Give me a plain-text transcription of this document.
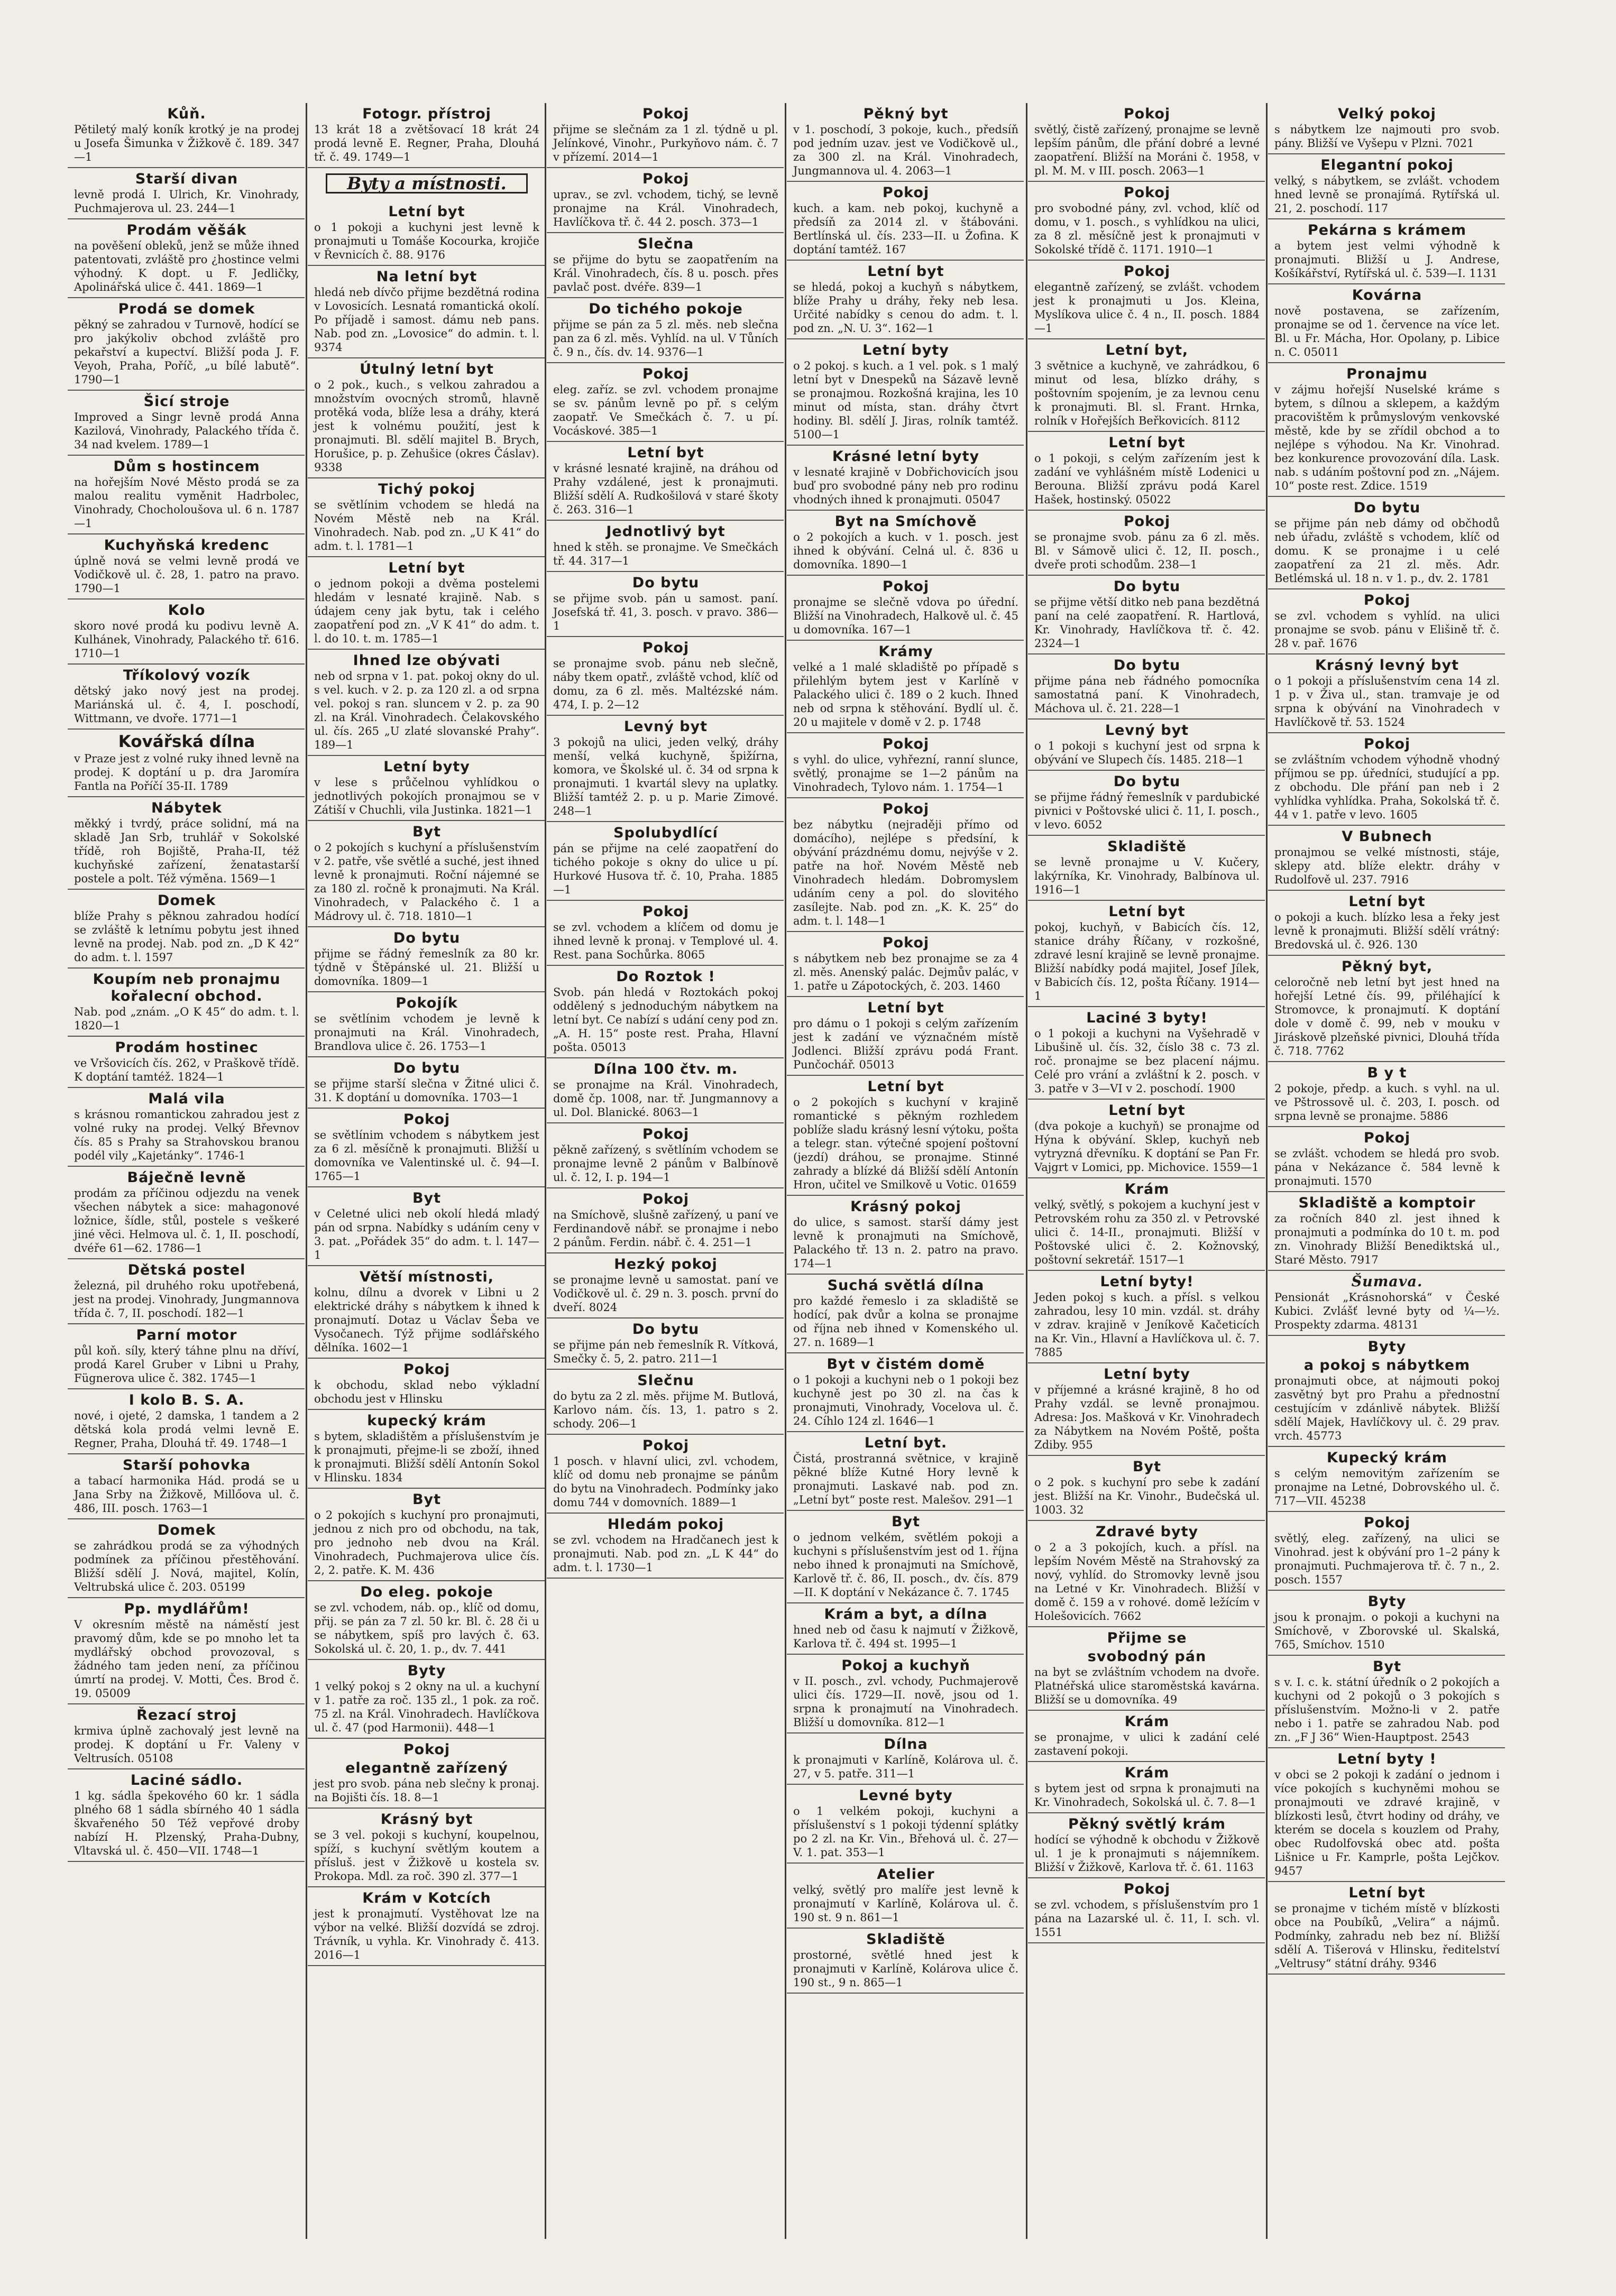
Kůň.
Pětiletý malý koník krotký je na prodej u Josefa Šimunka v Žižkově č. 189. 347—1
Starší divan
levně prodá I. Ulrich, Kr. Vinohrady, Puchmajerova ul. 23. 244—1
Prodám věšák
na pověšení obleků, jenž se může ihned patentovati, zvláště pro ¿hostince velmi výhodný. K dopt. u F. Jedličky, Apolinářská ulice č. 441. 1869—1
Prodá se domek
pěkný se zahradou v Turnově, hodící se pro jakýkoliv obchod zvláště pro pekařství a kupectví. Bližší poda J. F. Veyoh, Praha, Poříč, „u bílé labutě“. 1790—1
Šicí stroje
Improved a Singr levně prodá Anna Kazilová, Vinohrady, Palackého třída č. 34 nad kvelem. 1789—1
Dům s hostincem
na hořejším Nové Město prodá se za malou realitu vyměnit Hadrbolec, Vinohrady, Chocholoušova ul. 6 n. 1787—1
Kuchyňská kredenc
úplně nová se velmi levně prodá ve Vodičkově ul. č. 28, 1. patro na pravo. 1790—1
Kolo
skoro nové prodá ku podivu levně A. Kulhánek, Vinohrady, Palackého tř. 616. 1710—1
Tříkolový vozík
dětský jako nový jest na prodej. Mariánská ul. č. 4, I. poschodí, Wittmann, ve dvoře. 1771—1
Kovářská dílna
v Praze jest z volné ruky ihned levně na prodej. K doptání u p. dra Jaromíra Fantla na Poříčí 35-II. 1789
Nábytek
měkký i tvrdý, práce solidní, má na skladě Jan Srb, truhlář v Sokolské třídě, roh Bojiště, Praha-II, též kuchyňské zařízení, ženatastarší postele a polt. Též výměna. 1569—1
Domek
blíže Prahy s pěknou zahradou hodící se zvláště k letnímu pobytu jest ihned levně na prodej. Nab. pod zn. „D K 42“ do adm. t. l. 1597
Koupím neb pronajmu kořalecní obchod.
Nab. pod „znám. „O K 45“ do adm. t. l. 1820—1
Prodám hostinec
ve Vršovicích čís. 262, v Praškově třídě. K doptání tamtéž. 1824—1
Malá vila
s krásnou romantickou zahradou jest z volné ruky na prodej. Velký Břevnov čís. 85 s Prahy sa Strahovskou branou podél vily „Kajetánky“. 1746-1
Báječně levně
prodám za příčinou odjezdu na venek všechen nábytek a sice: mahagonové ložnice, šídle, stůl, postele s veškeré jiné věci. Helmova ul. č. 1, II. poschodí, dvéře 61—62. 1786—1
Dětská postel
železná, pil druhého roku upotřebená, jest na prodej. Vinohrady, Jungmannova třída č. 7, II. poschodí. 182—1
Parní motor
půl koň. síly, který táhne plnu na dříví, prodá Karel Gruber v Libni u Prahy, Fügnerova ulice č. 382. 1745—1
I kolo B. S. A.
nové, i ojeté, 2 damska, 1 tandem a 2 dětská kola prodá velmi levně E. Regner, Praha, Dlouhá tř. 49. 1748—1
Starší pohovka
a tabací harmonika Hád. prodá se u Jana Srby na Žižkově, Millőova ul. č. 486, III. posch. 1763—1
Domek
se zahrádkou prodá se za výhodných podmínek za příčinou přestěhování. Bližší sdělí J. Nová, majitel, Kolín, Veltrubská ulice č. 203. 05199
Pp. mydlářům!
V okresním městě na náměstí jest pravomý dům, kde se po mnoho let ta mydlářský obchod provozoval, s žádného tam jeden není, za příčinou úmrtí na prodej. V. Motti, Čes. Brod č. 19. 05009
Řezací stroj
krmiva úplně zachovalý jest levně na prodej. K doptání u Fr. Valeny v Veltrusích. 05108
Laciné sádlo.
1 kg. sádla špekového 60 kr. 1 sádla plného 68 1 sádla sbírného 40 1 sádla škvařeného 50 Též vepřové droby nabízí H. Plzenský, Praha-Dubny, Vltavská ul. č. 450—VII. 1748—1
Fotogr. přístroj
13 krát 18 a zvětšovací 18 krát 24 prodá levně E. Regner, Praha, Dlouhá tř. č. 49. 1749—1
Byty a místnosti.
Letní byt
o 1 pokoji a kuchyni jest levně k pronajmuti u Tomáše Kocourka, krojiče v Řevnicích č. 88. 9176
Na letní byt
hledá neb dívčo přijme bezdětná rodina v Lovosicích. Lesnatá romantická okolí. Po příjadě i samost. dámu neb pans. Nab. pod zn. „Lovosice“ do admin. t. l. 9374
Útulný letní byt
o 2 pok., kuch., s velkou zahradou a množstvím ovocných stromů, hlavně protěká voda, blíže lesa a dráhy, která jest k volnému použití, jest k pronajmuti. Bl. sdělí majitel B. Brych, Horušice, p. p. Zehušice (okres Čáslav). 9338
Tichý pokoj
se světlínim vchodem se hledá na Novém Městě neb na Král. Vinohradech. Nab. pod zn. „U K 41“ do adm. t. l. 1781—1
Letní byt
o jednom pokoji a dvěma postelemi hledám v lesnaté krajině. Nab. s údajem ceny jak bytu, tak i celého zaopatření pod zn. „V K 41“ do adm. t. l. do 10. t. m. 1785—1
Ihned lze obývati
neb od srpna v 1. pat. pokoj okny do ul. s vel. kuch. v 2. p. za 120 zl. a od srpna vel. pokoj s ran. sluncem v 2. p. za 90 zl. na Král. Vinohradech. Čelakovského ul. čís. 265 „U zlaté slovanské Prahy“. 189—1
Letní byty
v lese s průčelnou vyhlídkou o jednotlivých pokojích pronajmou se v Zátiší v Chuchli, vila Justinka. 1821—1
Byt
o 2 pokojích s kuchyní a příslušenstvím v 2. patře, vše světlé a suché, jest ihned levně k pronajmuti. Roční nájemné se za 180 zl. ročně k pronajmuti. Na Král. Vinohradech, v Palackého č. 1 a Mádrovy ul. č. 718. 1810—1
Do bytu
přijme se řádný řemeslník za 80 kr. týdně v Štěpánské ul. 21. Bližší u domovníka. 1809—1
Pokojík
se světlínim vchodem je levně k pronajmuti na Král. Vinohradech, Brandlova ulice č. 26. 1753—1
Do bytu
se přijme starší slečna v Žitné ulici č. 31. K doptání u domovníka. 1703—1
Pokoj
se světlínim vchodem s nábytkem jest za 6 zl. měsíčně k pronajmuti. Bližší u domovníka ve Valentinské ul. č. 94—I. 1765—1
Byt
v Celetné ulici neb okolí hledá mladý pán od srpna. Nabídky s udáním ceny v 3. pat. „Pořádek 35“ do adm. t. l. 147—1
Větší místnosti,
kolnu, dílnu a dvorek v Libni u 2 elektrické dráhy s nábytkem k ihned k pronajmutí. Dotaz u Václav Šeba ve Vysočanech. Týž přijme sodlářského dělníka. 1602—1
Pokoj
k obchodu, sklad nebo výkladní obchodu jest v Hlinsku
kupecký krám
s bytem, skladištěm a příslušenstvím je k pronajmuti, přejme-li se zboží, ihned k pronajmuti. Bližší sdělí Antonín Sokol v Hlinsku. 1834
Byt
o 2 pokojích s kuchyní pro pronajmuti, jednou z nich pro od obchodu, na tak, pro jednoho neb dvou na Král. Vinohradech, Puchmajerova ulice čís. 2, 2. patře. K. M. 436
Do eleg. pokoje
se zvl. vchodem, náb. op., klíč od domu, přij. se pán za 7 zl. 50 kr. Bl. č. 28 či u se nábytkem, spíš pro lavých č. 63. Sokolská ul. č. 20, 1. p., dv. 7. 441
Byty
1 velký pokoj s 2 okny na ul. a kuchyní v 1. patře za roč. 135 zl., 1 pok. za roč. 75 zl. na Král. Vinohradech. Havlíčkova ul. č. 47 (pod Harmonii). 448—1
Pokoj
elegantně zařízený
jest pro svob. pána neb slečny k pronaj. na Bojišti čís. 18. 8—1
Krásný byt
se 3 vel. pokoji s kuchyní, koupelnou, spíží, s kuchyní světlým koutem a přísluš. jest v Žižkově u kostela sv. Prokopa. Mdl. za roč. 390 zl. 377—1
Krám v Kotcích
jest k pronajmutí. Vystěhovat lze na výbor na velké. Bližší dozvídá se zdroj. Trávník, u vyhla. Kr. Vinohrady č. 413. 2016—1
Pokoj
přijme se slečnám za 1 zl. týdně u pl. Jelínkové, Vinohr., Purkyňovo nám. č. 7 v přízemí. 2014—1
Pokoj
uprav., se zvl. vchodem, tichý, se levně pronajme na Král. Vinohradech, Havlíčkova tř. č. 44 2. posch. 373—1
Slečna
se přijme do bytu se zaopatřením na Král. Vinohradech, čís. 8 u. posch. přes pavlač post. dvéře. 839—1
Do tichého pokoje
přijme se pán za 5 zl. měs. neb slečna pan za 6 zl. měs. Vyhlíd. na ul. V Tůních č. 9 n., čís. dv. 14. 9376—1
Pokoj
eleg. zaříz. se zvl. vchodem pronajme se sv. pánům levně po př. s celým zaopatř. Ve Smečkách č. 7. u pí. Vocáskové. 385—1
Letní byt
v krásné lesnaté krajině, na dráhou od Prahy vzdálené, jest k pronajmuti. Bližší sdělí A. Rudkošilová v staré škoty č. 263. 316—1
Jednotlivý byt
hned k stěh. se pronajme. Ve Smečkách tř. 44. 317—1
Do bytu
se přijme svob. pán u samost. paní. Josefská tř. 41, 3. posch. v pravo. 386—1
Pokoj
se pronajme svob. pánu neb slečně, náby tkem opatř., zvláště vchod, klíč od domu, za 6 zl. měs. Maltézské nám. 474, I. p. 2—12
Levný byt
3 pokojů na ulici, jeden velký, dráhy menší, velká kuchyně, špižírna, komora, ve Školské ul. č. 34 od srpna k pronajmuti. 1 kvartál slevy na uplatky. Bližší tamtéž 2. p. u p. Marie Zimové. 248—1
Spolubydlící
pán se přijme na celé zaopatření do tichého pokoje s okny do ulice u pí. Hurkové Husova tř. č. 10, Praha. 1885—1
Pokoj
se zvl. vchodem a klíčem od domu je ihned levně k pronaj. v Templové ul. 4. Rest. pana Sochůrka. 8065
Do Roztok !
Svob. pán hledá v Roztokách pokoj oddělený s jednoduchým nábytkem na letní byt. Ce nabízí s udání ceny pod zn. „A. H. 15“ poste rest. Praha, Hlavní pošta. 05013
Dílna 100 čtv. m.
se pronajme na Král. Vinohradech, domě čp. 1008, nar. tř. Jungmannovy a ul. Dol. Blanické. 8063—1
Pokoj
pěkně zařízený, s světlíním vchodem se pronajme levně 2 pánům v Balbínově ul. č. 12, I. p. 194—1
Pokoj
na Smíchově, slušně zařízený, u paní ve Ferdinandově nábř. se pronajme i nebo 2 pánům. Ferdin. nábř. č. 4. 251—1
Hezký pokoj
se pronajme levně u samostat. paní ve Vodičkově ul. č. 29 n. 3. posch. první do dveří. 8024
Do bytu
se přijme pán neb řemeslník R. Vítková, Smečky č. 5, 2. patro. 211—1
Slečnu
do bytu za 2 zl. měs. přijme M. Butlová, Karlovo nám. čís. 13, 1. patro s 2. schody. 206—1
Pokoj
1 posch. v hlavní ulici, zvl. vchodem, klíč od domu neb pronajme se pánům do bytu na Vinohradech. Podmínky jako domu 744 v domovních. 1889—1
Hledám pokoj
se zvl. vchodem na Hradčanech jest k pronajmuti. Nab. pod zn. „L K 44“ do adm. t. l. 1730—1
Pěkný byt
v 1. poschodí, 3 pokoje, kuch., předsíň pod jedním uzav. jest ve Vodičkově ul., za 300 zl. na Král. Vinohradech, Jungmannova ul. 4. 2063—1
Pokoj
kuch. a kam. neb pokoj, kuchyně a předsíň za 2014 zl. v štábováni. Bertlínská ul. čís. 233—II. u Žofina. K doptání tamtéž. 167
Letní byt
se hledá, pokoj a kuchyň s nábytkem, blíže Prahy u dráhy, řeky neb lesa. Určité nabídky s cenou do adm. t. l. pod zn. „N. U. 3“. 162—1
Letní byty
o 2 pokoj. s kuch. a 1 vel. pok. s 1 malý letní byt v Dnespeků na Sázavě levně se pronajmou. Rozkošná krajina, les 10 minut od místa, stan. dráhy čtvrt hodiny. Bl. sdělí J. Jiras, rolník tamtéž. 5100—1
Krásné letní byty
v lesnaté krajině v Dobřichovicích jsou buď pro svobodné pány neb pro rodinu vhodných ihned k pronajmuti. 05047
Byt na Smíchově
o 2 pokojích a kuch. v 1. posch. jest ihned k obývání. Celná ul. č. 836 u domovníka. 1890—1
Pokoj
pronajme se slečně vdova po úřední. Bližší na Vinohradech, Halkově ul. č. 45 u domovníka. 167—1
Krámy
velké a 1 malé skladiště po případě s přilehlým bytem jest v Karlíně v Palackého ulici č. 189 o 2 kuch. Ihned neb od srpna k stěhování. Bydlí ul. č. 20 u majitele v domě v 2. p. 1748
Pokoj
s vyhl. do ulice, vyhřezní, ranní slunce, světlý, pronajme se 1—2 pánům na Vinohradech, Tylovo nám. 1. 1754—1
Pokoj
bez nábytku (nejraději přímo od domácího), nejlépe s předsíní, k obývání prázdnému domu, nejvýše v 2. patře na hoř. Novém Městě neb Vinohradech hledám. Dobromyslem udáním ceny a pol. do slovitého zasílejte. Nab. pod zn. „K. K. 25“ do adm. t. l. 148—1
Pokoj
s nábytkem neb bez pronajme se za 4 zl. měs. Anenský palác. Dejmův palác, v 1. patře u Zápotockých, č. 203. 1460
Letní byt
pro dámu o 1 pokoji s celým zařízením jest k zadání ve význačném místě Jodlenci. Bližší zprávu podá Frant. Punčochář. 05013
Letní byt
o 2 pokojích s kuchyní v krajině romantické s pěkným rozhledem poblíže sladu krásný lesní výtoku, pošta a telegr. stan. výtečné spojení poštovní (jezdí) dráhou, se pronajme. Stinné zahrady a blízké dá Bližší sdělí Antonín Hron, učitel ve Smilkově u Votic. 01659
Krásný pokoj
do ulice, s samost. starší dámy jest levně k pronajmuti na Smíchově, Palackého tř. 13 n. 2. patro na pravo. 174—1
Suchá světlá dílna
pro každé řemeslo i za skladiště se hodící, pak dvůr a kolna se pronajme od října neb ihned v Komenského ul. 27. n. 1689—1
Byt v čistém domě
o 1 pokoji a kuchyni neb o 1 pokoji bez kuchyně jest po 30 zl. na čas k pronajmuti, Vinohrady, Vocelova ul. č. 24. Cíhlo 124 zl. 1646—1
Letní byt.
Čistá, prostranná světnice, v krajině pěkné blíže Kutné Hory levně k pronajmuti. Laskavé nab. pod zn. „Letní byt“ poste rest. Malešov. 291—1
Byt
o jednom velkém, světlém pokoji a kuchyni s příslušenstvím jest od 1. října nebo ihned k pronajmuti na Smíchově, Karlově tř. č. 86, II. posch., dv. čís. 879—II. K doptání v Nekázance č. 7. 1745
Krám a byt, a dílna
hned neb od času k najmutí v Žižkově, Karlova tř. č. 494 st. 1995—1
Pokoj a kuchyň
v II. posch., zvl. vchody, Puchmajerově ulici čís. 1729—II. nově, jsou od 1. srpna k pronajmutí na Vinohradech. Bližší u domovníka. 812—1
Dílna
k pronajmuti v Karlíně, Kolárova ul. č. 27, v 5. patře. 311—1
Levné byty
o 1 velkém pokoji, kuchyni a příslušenství s 1 pokoji týdenní splátky po 2 zl. na Kr. Vin., Břehová ul. č. 27—V. 1. pat. 353—1
Atelier
velký, světlý pro malíře jest levně k pronajmutí v Karlíně, Kolárova ul. č. 190 st. 9 n. 861—1
Skladiště
prostorné, světlé hned jest k pronajmuti v Karlíně, Kolárova ulice č. 190 st., 9 n. 865—1
Pokoj
světlý, čistě zařízený, pronajme se levně lepším pánům, dle přání dobré a levné zaopatření. Bližší na Moráni č. 1958, v pl. M. M. v III. posch. 2063—1
Pokoj
pro svobodné pány, zvl. vchod, klíč od domu, v 1. posch., s vyhlídkou na ulici, za 8 zl. měsíčně jest k pronajmuti v Sokolské třídě č. 1171. 1910—1
Pokoj
elegantně zařízený, se zvlášt. vchodem jest k pronajmuti u Jos. Kleina, Myslíkova ulice č. 4 n., II. posch. 1884—1
Letní byt,
3 světnice a kuchyně, ve zahrádkou, 6 minut od lesa, blízko dráhy, s poštovním spojením, je za levnou cenu k pronajmuti. Bl. sl. Frant. Hrnka, rolník v Hořejších Beřkovicích. 8112
Letní byt
o 1 pokoji, s celým zařízením jest k zadání ve vyhlášném místě Lodenici u Berouna. Bližší zprávu podá Karel Hašek, hostinský. 05022
Pokoj
se pronajme svob. pánu za 6 zl. měs. Bl. v Sámově ulici č. 12, II. posch., dveře proti schodům. 238—1
Do bytu
se přijme větší ditko neb pana bezdětná paní na celé zaopatření. R. Hartlová, Kr. Vinohrady, Havlíčkova tř. č. 42. 2324—1
Do bytu
přijme pána neb řádného pomocníka samostatná paní. K Vinohradech, Máchova ul. č. 21. 228—1
Levný byt
o 1 pokoji s kuchyní jest od srpna k obývání ve Slupech čís. 1485. 218—1
Do bytu
se přijme řádný řemeslník v pardubické pivnici v Poštovské ulici č. 11, I. posch., v levo. 6052
Skladiště
se levně pronajme u V. Kučery, lakýrníka, Kr. Vinohrady, Balbínova ul. 1916—1
Letní byt
pokoj, kuchyň, v Babicích čís. 12, stanice dráhy Říčany, v rozkošné, zdravé lesní krajině se levně pronajme. Bližší nabídky podá majitel, Josef Jílek, v Babicích čís. 12, pošta Říčany. 1914—1
Laciné 3 byty!
o 1 pokoji a kuchyni na Vyšehradě v Libušině ul. čís. 32, číslo 38 c. 73 zl. roč. pronajme se bez placení nájmu. Celé pro vrání a zvláštní k 2. posch. v 3. patře v 3—VI v 2. poschodí. 1900
Letní byt
(dva pokoje a kuchyň) se pronajme od Hýna k obývání. Sklep, kuchyň neb vytryzná dřevníku. K doptání se Pan Fr. Vajgrt v Lomici, pp. Michovice. 1559—1
Krám
velký, světlý, s pokojem a kuchyní jest v Petrovském rohu za 350 zl. v Petrovské ulici č. 14-II., pronajmuti. Bližší v Poštovské ulici č. 2. Kožnovský, poštovní sekretář. 1517—1
Letní byty!
Jeden pokoj s kuch. a přísl. s velkou zahradou, lesy 10 min. vzdál. st. dráhy v zdrav. krajině v Jeníkově Kačeticích na Kr. Vin., Hlavní a Havlíčkova ul. č. 7. 7885
Letní byty
v příjemné a krásné krajině, 8 ho od Prahy vzdál. se levně pronajmou. Adresa: Jos. Mašková v Kr. Vinohradech za Nábytkem na Novém Poště, pošta Zdiby. 955
Byt
o 2 pok. s kuchyní pro sebe k zadání jest. Bližší na Kr. Vinohr., Budečská ul. 1003. 32
Zdravé byty
o 2 a 3 pokojích, kuch. a přísl. na lepším Novém Městě na Strahovský za nový, vyhlíd. do Stromovky levně jsou na Letné v Kr. Vinohradech. Bližší v domě č. 159 a v rohové. domě ležícím v Holešovicích. 7662
Přijme se
svobodný pán
na byt se zvláštním vchodem na dvoře. Platnéřská ulice staroměstská kavárna. Bližší se u domovníka. 49
Krám
se pronajme, v ulici k zadání celé zastavení pokoji.
Krám
s bytem jest od srpna k pronajmuti na Kr. Vinohradech, Sokolská ul. č. 7. 8—1
Pěkný světlý krám
hodící se výhodně k obchodu v Žižkově ul. 1 je k pronajmuti s nájemníkem. Bližší v Žižkově, Karlova tř. č. 61. 1163
Pokoj
se zvl. vchodem, s příslušenstvím pro 1 pána na Lazarské ul. č. 11, I. sch. vl. 1551
Velký pokoj
s nábytkem lze najmouti pro svob. pány. Bližší ve Vyšepu v Plzni. 7021
Elegantní pokoj
velký, s nábytkem, se zvlášt. vchodem hned levně se pronajímá. Rytířská ul. 21, 2. poschodí. 117
Pekárna s krámem
a bytem jest velmi výhodně k pronajmuti. Bližší u J. Andrese, Košíkářství, Rytířská ul. č. 539—I. 1131
Kovárna
nově postavena, se zařízením, pronajme se od 1. července na více let. Bl. u Fr. Mácha, Hor. Opolany, p. Libice n. C. 05011
Pronajmu
v zájmu hořejší Nuselské kráme s bytem, s dílnou a sklepem, a každým pracovištěm k průmyslovým venkovské městě, kde by se zřídil obchod a to nejlépe s výhodou. Na Kr. Vinohrad. bez konkurence provozování díla. Lask. nab. s udáním poštovní pod zn. „Nájem. 10“ poste rest. Zdice. 1519
Do bytu
se přijme pán neb dámy od občhodů neb úřadu, zvláště s vchodem, klíč od domu. K se pronajme i u celé zaopatření za 21 zl. měs. Adr. Betlémská ul. 18 n. v 1. p., dv. 2. 1781
Pokoj
se zvl. vchodem s vyhlíd. na ulici pronajme se svob. pánu v Elišině tř. č. 28 v. pař. 1676
Krásný levný byt
o 1 pokoji a příslušenstvím cena 14 zl. 1 p. v Živa ul., stan. tramvaje je od srpna k obývání na Vinohradech v Havlíčkově tř. 53. 1524
Pokoj
se zvláštním vchodem výhodně vhodný příjmou se pp. úředníci, studující a pp. z obchodu. Dle přání pan neb i 2 vyhlídka vyhlídka. Praha, Sokolská tř. č. 44 v 1. patře v levo. 1605
V Bubnech
pronajmou se velké místnosti, stáje, sklepy atd. blíže elektr. dráhy v Rudolfově ul. 237. 7916
Letní byt
o pokoji a kuch. blízko lesa a řeky jest levně k pronajmuti. Bližší sdělí vrátný: Bredovská ul. č. 926. 130
Pěkný byt,
celoročně neb letní byt jest hned na hořejší Letné čís. 99, přiléhající k Stromovce, k pronajmutí. K doptání dole v domě č. 99, neb v mouku v Jiráskově plzeňské pivnici, Dlouhá třída č. 718. 7762
B y t
2 pokoje, předp. a kuch. s vyhl. na ul. ve Pštrossově ul. č. 203, I. posch. od srpna levně se pronajme. 5886
Pokoj
se zvlášt. vchodem se hledá pro svob. pána v Nekázance č. 584 levně k pronajmuti. 1570
Skladiště a komptoir
za ročních 840 zl. jest ihned k pronajmuti a podmínka do 10 t. m. pod zn. Vinohrady Bližší Benediktská ul., Staré Město. 7917
Šumava.
Pensionát „Krásnohorská“ v České Kubici. Zvlášť levné byty od ⅟₄—⅟₂. Prospekty zdarma. 48131
Byty
a pokoj s nábytkem
pronajmuti obce, at nájmouti pokoj zasvětný byt pro Prahu a přednostní cestujícím v zdánlivě nábytek. Bližší sdělí Majek, Havlíčkovy ul. č. 29 prav. vrch. 45773
Kupecký krám
s celým nemovitým zařízením se pronajme na Letné, Dobrovského ul. č. 717—VII. 45238
Pokoj
světlý, eleg. zařízený, na ulici se Vinohrad. jest k obývání pro 1–2 pány k pronajmuti. Puchmajerova tř. č. 7 n., 2. posch. 1557
Byty
jsou k pronajm. o pokoji a kuchyni na Smíchově, v Zborovské ul. Skalská, 765, Smíchov. 1510
Byt
s v. I. c. k. státní úředník o 2 pokojích a kuchyni od 2 pokojů o 3 pokojích s příslušenstvím. Možno-li v 2. patře nebo i 1. patře se zahradou Nab. pod zn. „F J 36“ Wien-Hauptpost. 2543
Letní byty !
v obci se 2 pokoji k zadání o jednom i více pokojích s kuchyněmi mohou se pronajmouti ve zdravé krajině, v blízkosti lesů, čtvrt hodiny od dráhy, ve kterém se docela s kouzlem od Prahy, obec Rudolfovská obec atd. pošta Lišnice u Fr. Kamprle, pošta Lejčkov. 9457
Letní byt
se pronajme v tichém místě v blízkosti obce na Poubíků, „Velira“ a nájmů. Podmínky, zahradu neb bez ní. Bližší sdělí A. Tišerová v Hlinsku, ředitelství „Veltrusy“ státní dráhy. 9346
